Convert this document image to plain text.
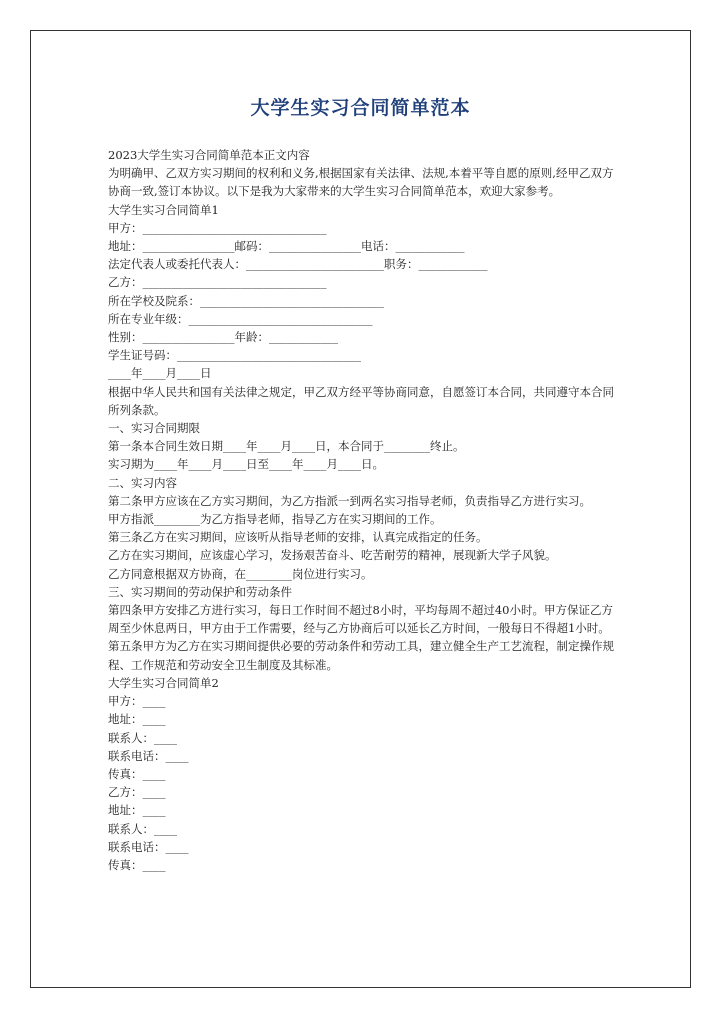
大学生实习合同简单范本

2023大学生实习合同简单范本正文内容

为明确甲、乙双方实习期间的权利和义务,根据国家有关法律、法规,本着平等自愿的原则,经甲乙双方协商一致,签订本协议。以下是我为大家带来的大学生实习合同简单范本，欢迎大家参考。

大学生实习合同简单1

甲方：________________________________

地址：________________邮码：________________电话：____________

法定代表人或委托代表人：________________________职务：____________

乙方：________________________________

所在学校及院系：________________________________

所在专业年级：________________________________

性别：________________年龄：____________

学生证号码：________________________________

____年____月____日

根据中华人民共和国有关法律之规定，甲乙双方经平等协商同意，自愿签订本合同，共同遵守本合同所列条款。

一、实习合同期限

第一条本合同生效日期____年____月____日，本合同于________终止。

实习期为____年____月____日至____年____月____日。

二、实习内容

第二条甲方应该在乙方实习期间，为乙方指派一到两名实习指导老师，负责指导乙方进行实习。

甲方指派________为乙方指导老师，指导乙方在实习期间的工作。

第三条乙方在实习期间，应该听从指导老师的安排，认真完成指定的任务。

乙方在实习期间，应该虚心学习，发扬艰苦奋斗、吃苦耐劳的精神，展现新大学子风貌。

乙方同意根据双方协商，在________岗位进行实习。

三、实习期间的劳动保护和劳动条件

第四条甲方安排乙方进行实习，每日工作时间不超过8小时，平均每周不超过40小时。甲方保证乙方周至少休息两日，甲方由于工作需要，经与乙方协商后可以延长乙方时间，一般每日不得超1小时。

第五条甲方为乙方在实习期间提供必要的劳动条件和劳动工具，建立健全生产工艺流程，制定操作规程、工作规范和劳动安全卫生制度及其标准。

大学生实习合同简单2

甲方：____

地址：____

联系人：____

联系电话：____

传真：____

乙方：____

地址：____

联系人：____

联系电话：____

传真：____
